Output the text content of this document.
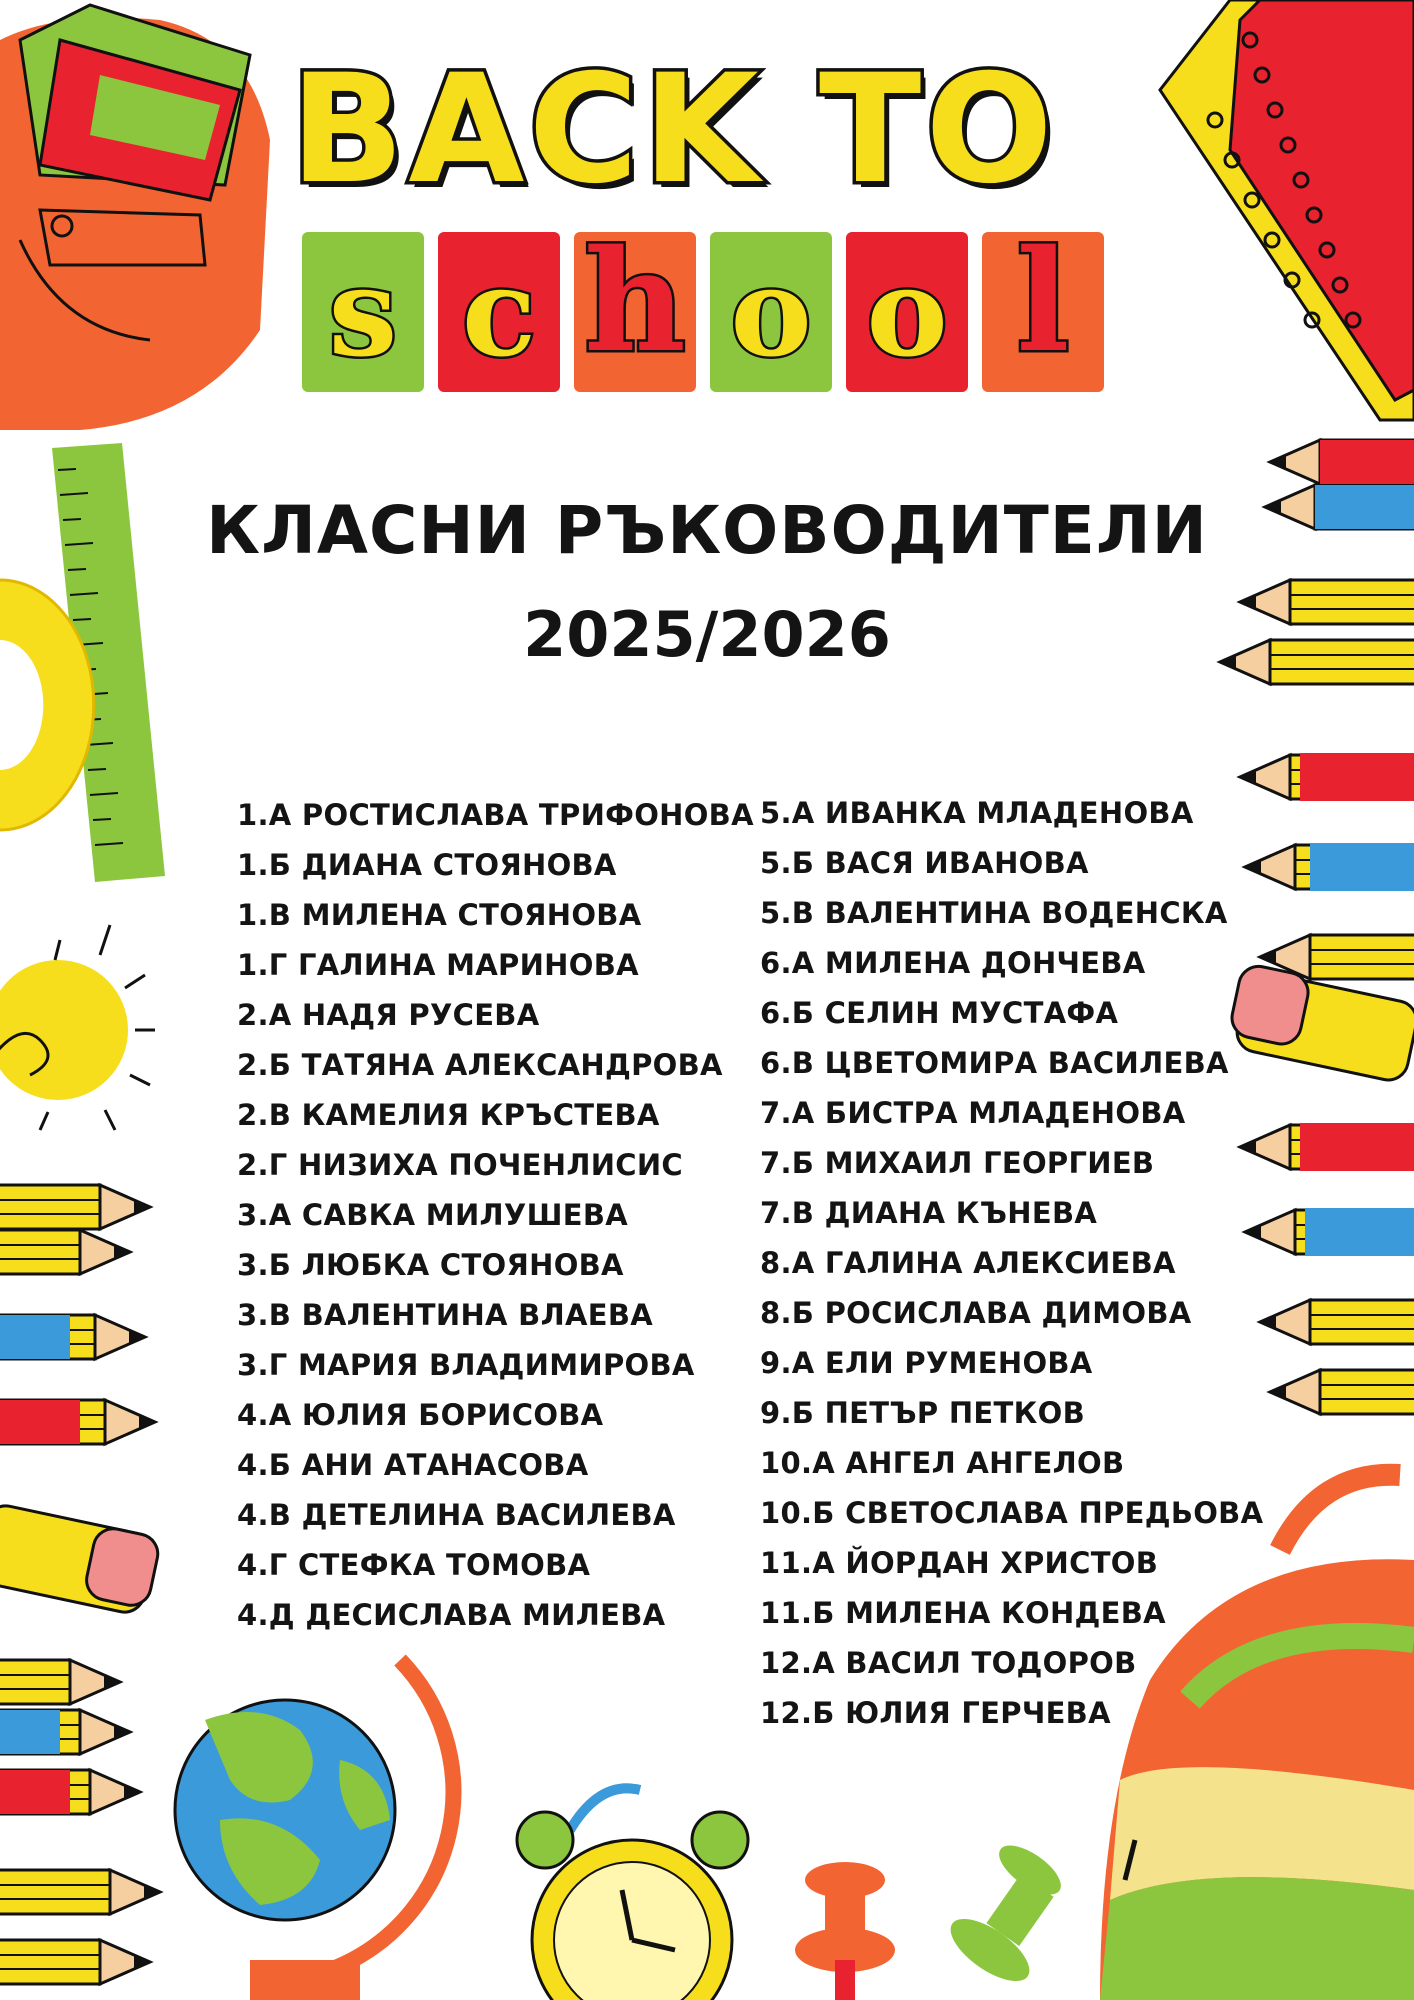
BACK TO
s c h o o l
КЛАСНИ РЪКОВОДИТЕЛИ
2025/2026
1.А РОСТИСЛАВА ТРИФОНОВА
1.Б ДИАНА СТОЯНОВА
1.В МИЛЕНА СТОЯНОВА
1.Г ГАЛИНА МАРИНОВА
2.А НАДЯ РУСЕВА
2.Б ТАТЯНА АЛЕКСАНДРОВА
2.В КАМЕЛИЯ КРЪСТЕВА
2.Г НИЗИХА ПОЧЕНЛИСИС
3.А САВКА МИЛУШЕВА
3.Б ЛЮБКА СТОЯНОВА
3.В ВАЛЕНТИНА ВЛАЕВА
3.Г МАРИЯ ВЛАДИМИРОВА
4.А ЮЛИЯ БОРИСОВА
4.Б АНИ АТАНАСОВА
4.В ДЕТЕЛИНА ВАСИЛЕВА
4.Г СТЕФКА ТОМОВА
4.Д ДЕСИСЛАВА МИЛЕВА
5.А ИВАНКА МЛАДЕНОВА
5.Б ВАСЯ ИВАНОВА
5.В ВАЛЕНТИНА ВОДЕНСКА
6.А МИЛЕНА ДОНЧЕВА
6.Б СЕЛИН МУСТАФА
6.В ЦВЕТОМИРА ВАСИЛЕВА
7.А БИСТРА МЛАДЕНОВА
7.Б МИХАИЛ ГЕОРГИЕВ
7.В ДИАНА КЪНЕВА
8.А ГАЛИНА АЛЕКСИЕВА
8.Б РОСИСЛАВА ДИМОВА
9.А ЕЛИ РУМЕНОВА
9.Б ПЕТЪР ПЕТКОВ
10.А АНГЕЛ АНГЕЛОВ
10.Б СВЕТОСЛАВА ПРЕДЬОВА
11.А ЙОРДАН ХРИСТОВ
11.Б МИЛЕНА КОНДЕВА
12.А ВАСИЛ ТОДОРОВ
12.Б ЮЛИЯ ГЕРЧЕВА
